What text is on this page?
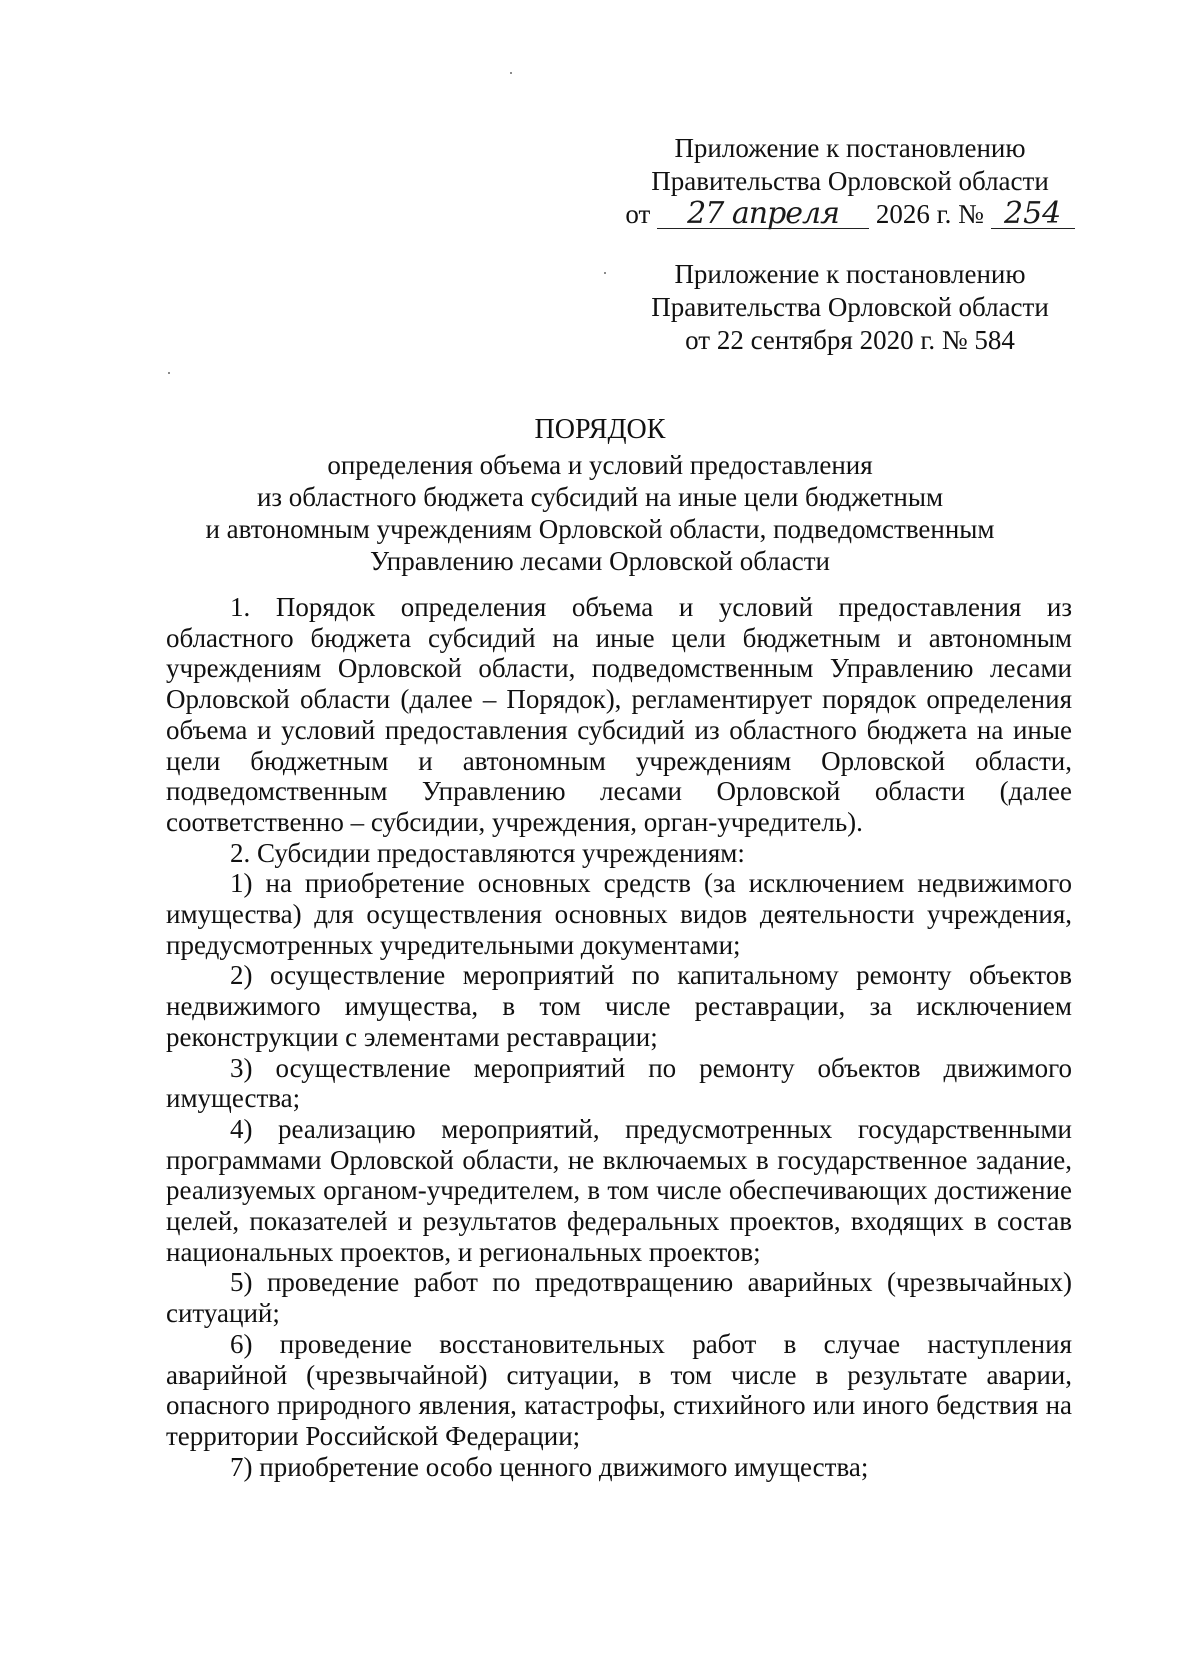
Приложение к постановлению
Правительства Орловской области
от 27 апреля 2026 г. № 254
Приложение к постановлению
Правительства Орловской области
от 22 сентября 2020 г. № 584
ПОРЯДОК
определения объема и условий предоставления
из областного бюджета субсидий на иные цели бюджетным
и автономным учреждениям Орловской области, подведомственным
Управлению лесами Орловской области

1. Порядок определения объема и условий предоставления из областного бюджета субсидий на иные цели бюджетным и автономным учреждениям Орловской области, подведомственным Управлению лесами Орловской области (далее – Порядок), регламентирует порядок определения объема и условий предоставления субсидий из областного бюджета на иные цели бюджетным и автономным учреждениям Орловской области, подведомственным Управлению лесами Орловской области (далее соответственно – субсидии, учреждения, орган-учредитель).

2. Субсидии предоставляются учреждениям:

1) на приобретение основных средств (за исключением недвижимого имущества) для осуществления основных видов деятельности учреждения, предусмотренных учредительными документами;

2) осуществление мероприятий по капитальному ремонту объектов недвижимого имущества, в том числе реставрации, за исключением реконструкции с элементами реставрации;

3) осуществление мероприятий по ремонту объектов движимого имущества;

4) реализацию мероприятий, предусмотренных государственными программами Орловской области, не включаемых в государственное задание, реализуемых органом-учредителем, в том числе обеспечивающих достижение целей, показателей и результатов федеральных проектов, входящих в состав национальных проектов, и региональных проектов;

5) проведение работ по предотвращению аварийных (чрезвычайных) ситуаций;

6) проведение восстановительных работ в случае наступления аварийной (чрезвычайной) ситуации, в том числе в результате аварии, опасного природного явления, катастрофы, стихийного или иного бедствия на территории Российской Федерации;

7) приобретение особо ценного движимого имущества;
